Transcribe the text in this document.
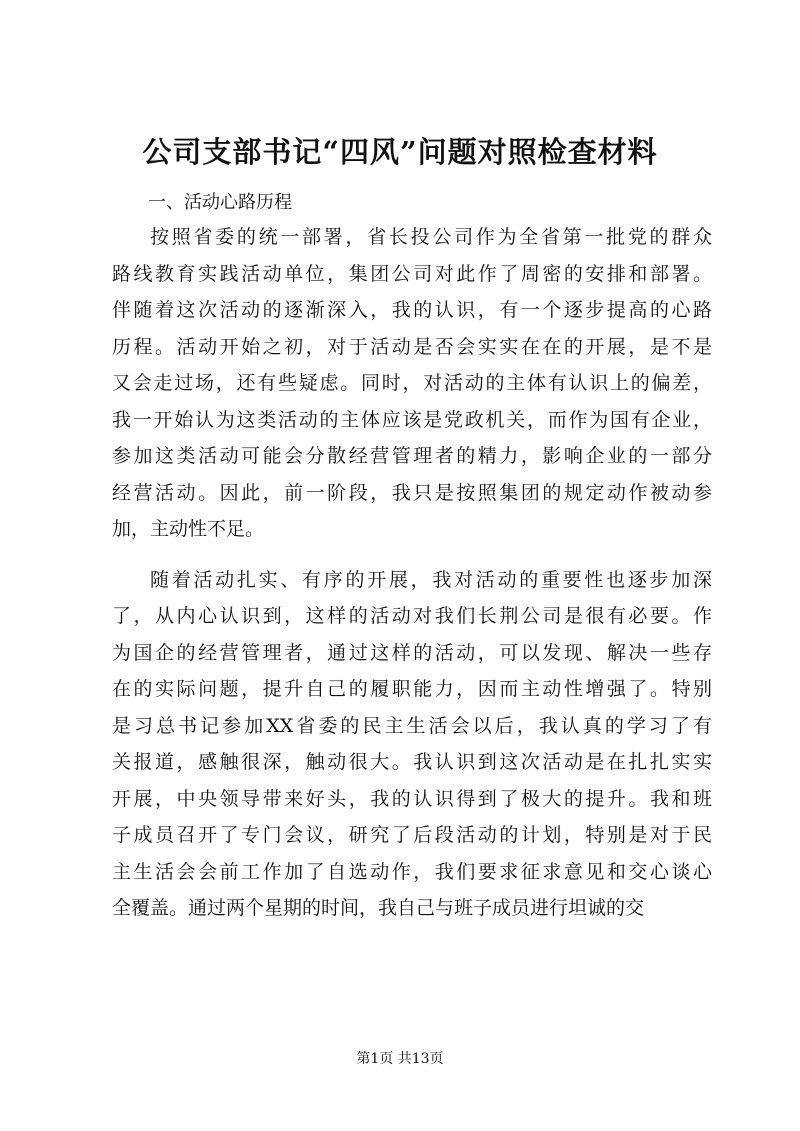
公司支部书记“四风”问题对照检查材料

一、活动心路历程

按照省委的统一部署，省长投公司作为全省第一批党的群众
路线教育实践活动单位，集团公司对此作了周密的安排和部署。
伴随着这次活动的逐渐深入，我的认识，有一个逐步提高的心路
历程。活动开始之初，对于活动是否会实实在在的开展，是不是
又会走过场，还有些疑虑。同时，对活动的主体有认识上的偏差，
我一开始认为这类活动的主体应该是党政机关，而作为国有企业，
参加这类活动可能会分散经营管理者的精力，影响企业的一部分
经营活动。因此，前一阶段，我只是按照集团的规定动作被动参
加，主动性不足。
随着活动扎实、有序的开展，我对活动的重要性也逐步加深
了，从内心认识到，这样的活动对我们长荆公司是很有必要。作
为国企的经营管理者，通过这样的活动，可以发现、解决一些存
在的实际问题，提升自己的履职能力，因而主动性增强了。特别
是习总书记参加XX省委的民主生活会以后，我认真的学习了有
关报道，感触很深，触动很大。我认识到这次活动是在扎扎实实
开展，中央领导带来好头，我的认识得到了极大的提升。我和班
子成员召开了专门会议，研究了后段活动的计划，特别是对于民
主生活会会前工作加了自选动作，我们要求征求意见和交心谈心
全覆盖。通过两个星期的时间，我自己与班子成员进行坦诚的交
第1页 共13页
